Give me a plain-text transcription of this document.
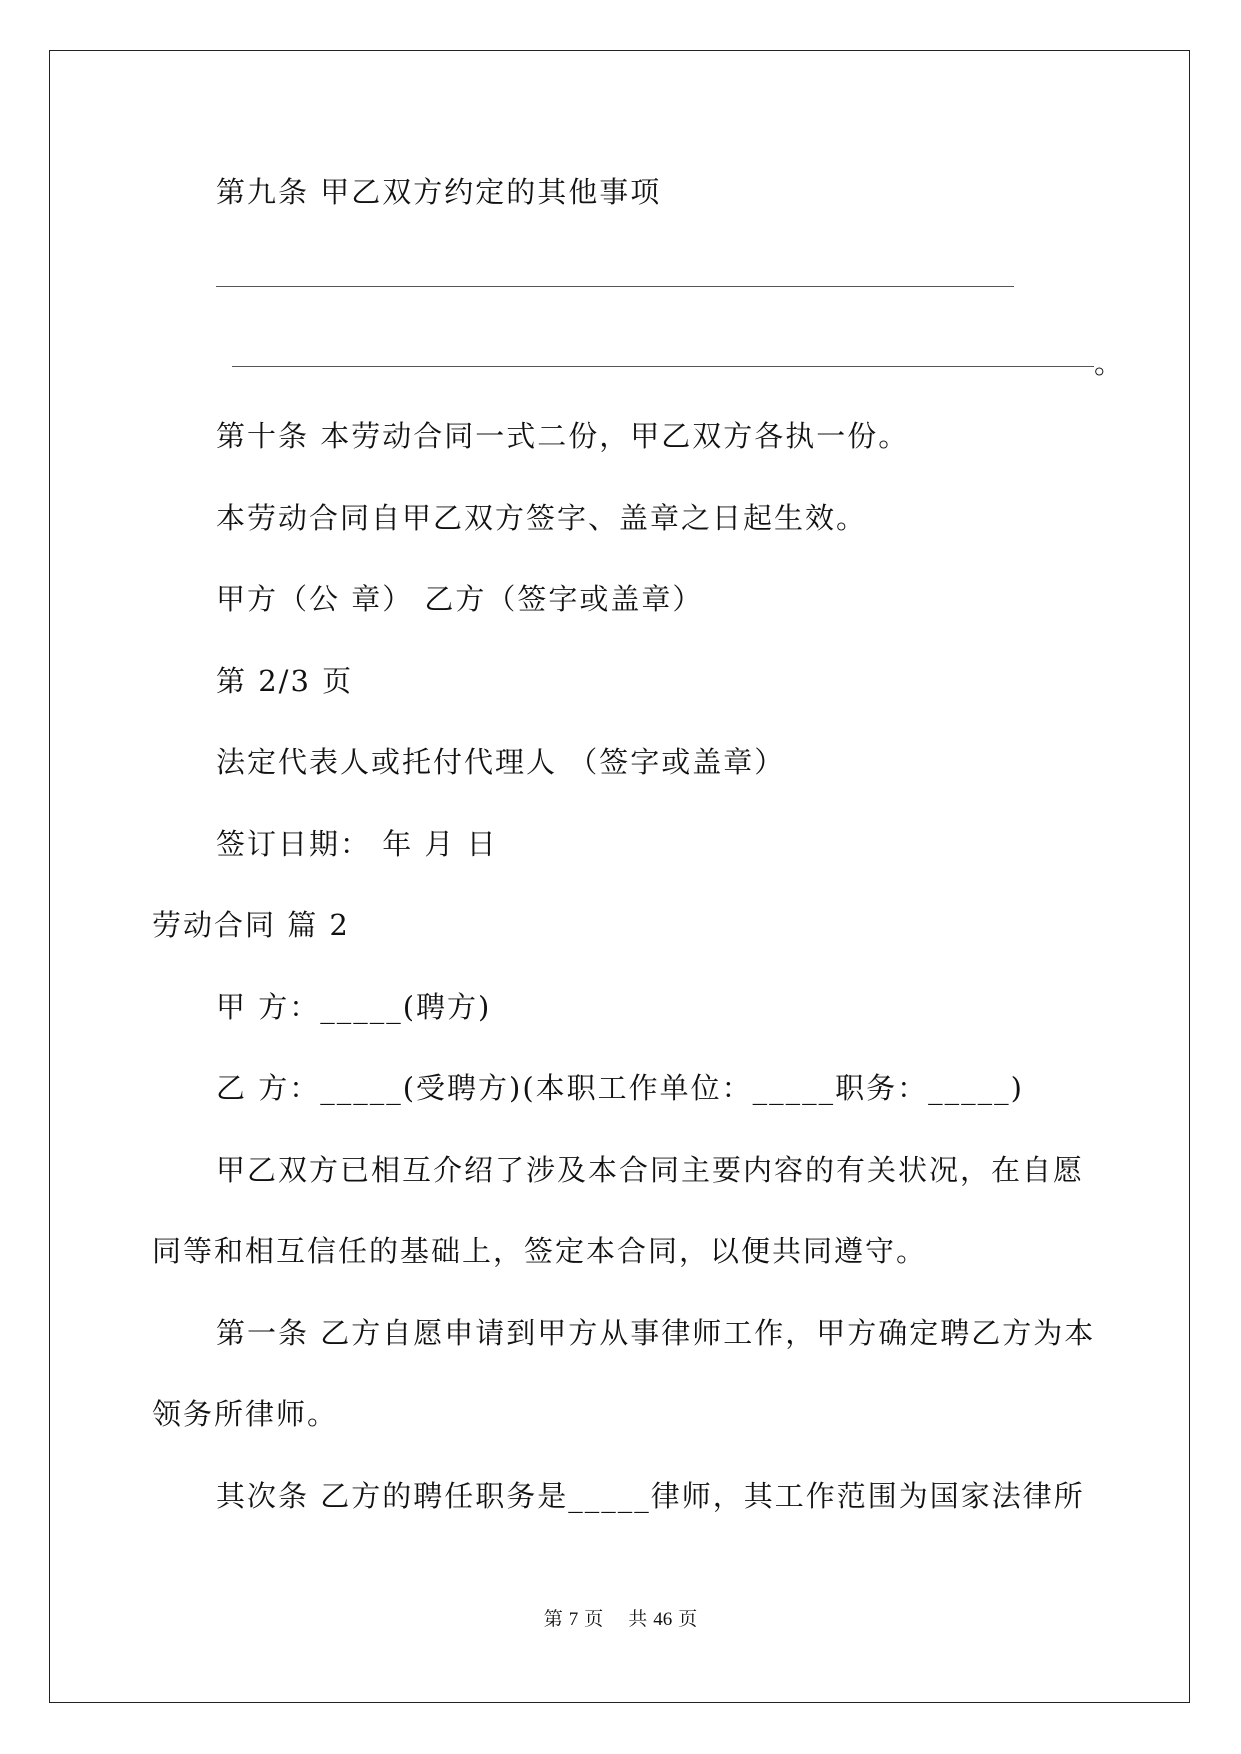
第九条 甲乙双方约定的其他事项

。

第十条 本劳动合同一式二份，甲乙双方各执一份。

本劳动合同自甲乙双方签字、盖章之日起生效。

甲方（公 章） 乙方（签字或盖章）

第 2/3 页

法定代表人或托付代理人 （签字或盖章）

签订日期： 年 月 日

劳动合同 篇 2

甲 方：_____(聘方)

乙 方：_____(受聘方)(本职工作单位：_____职务：_____)

甲乙双方已相互介绍了涉及本合同主要内容的有关状况，在自愿

同等和相互信任的基础上，签定本合同，以便共同遵守。

第一条 乙方自愿申请到甲方从事律师工作，甲方确定聘乙方为本

领务所律师。

其次条 乙方的聘任职务是_____律师，其工作范围为国家法律所

第 7 页 共 46 页
